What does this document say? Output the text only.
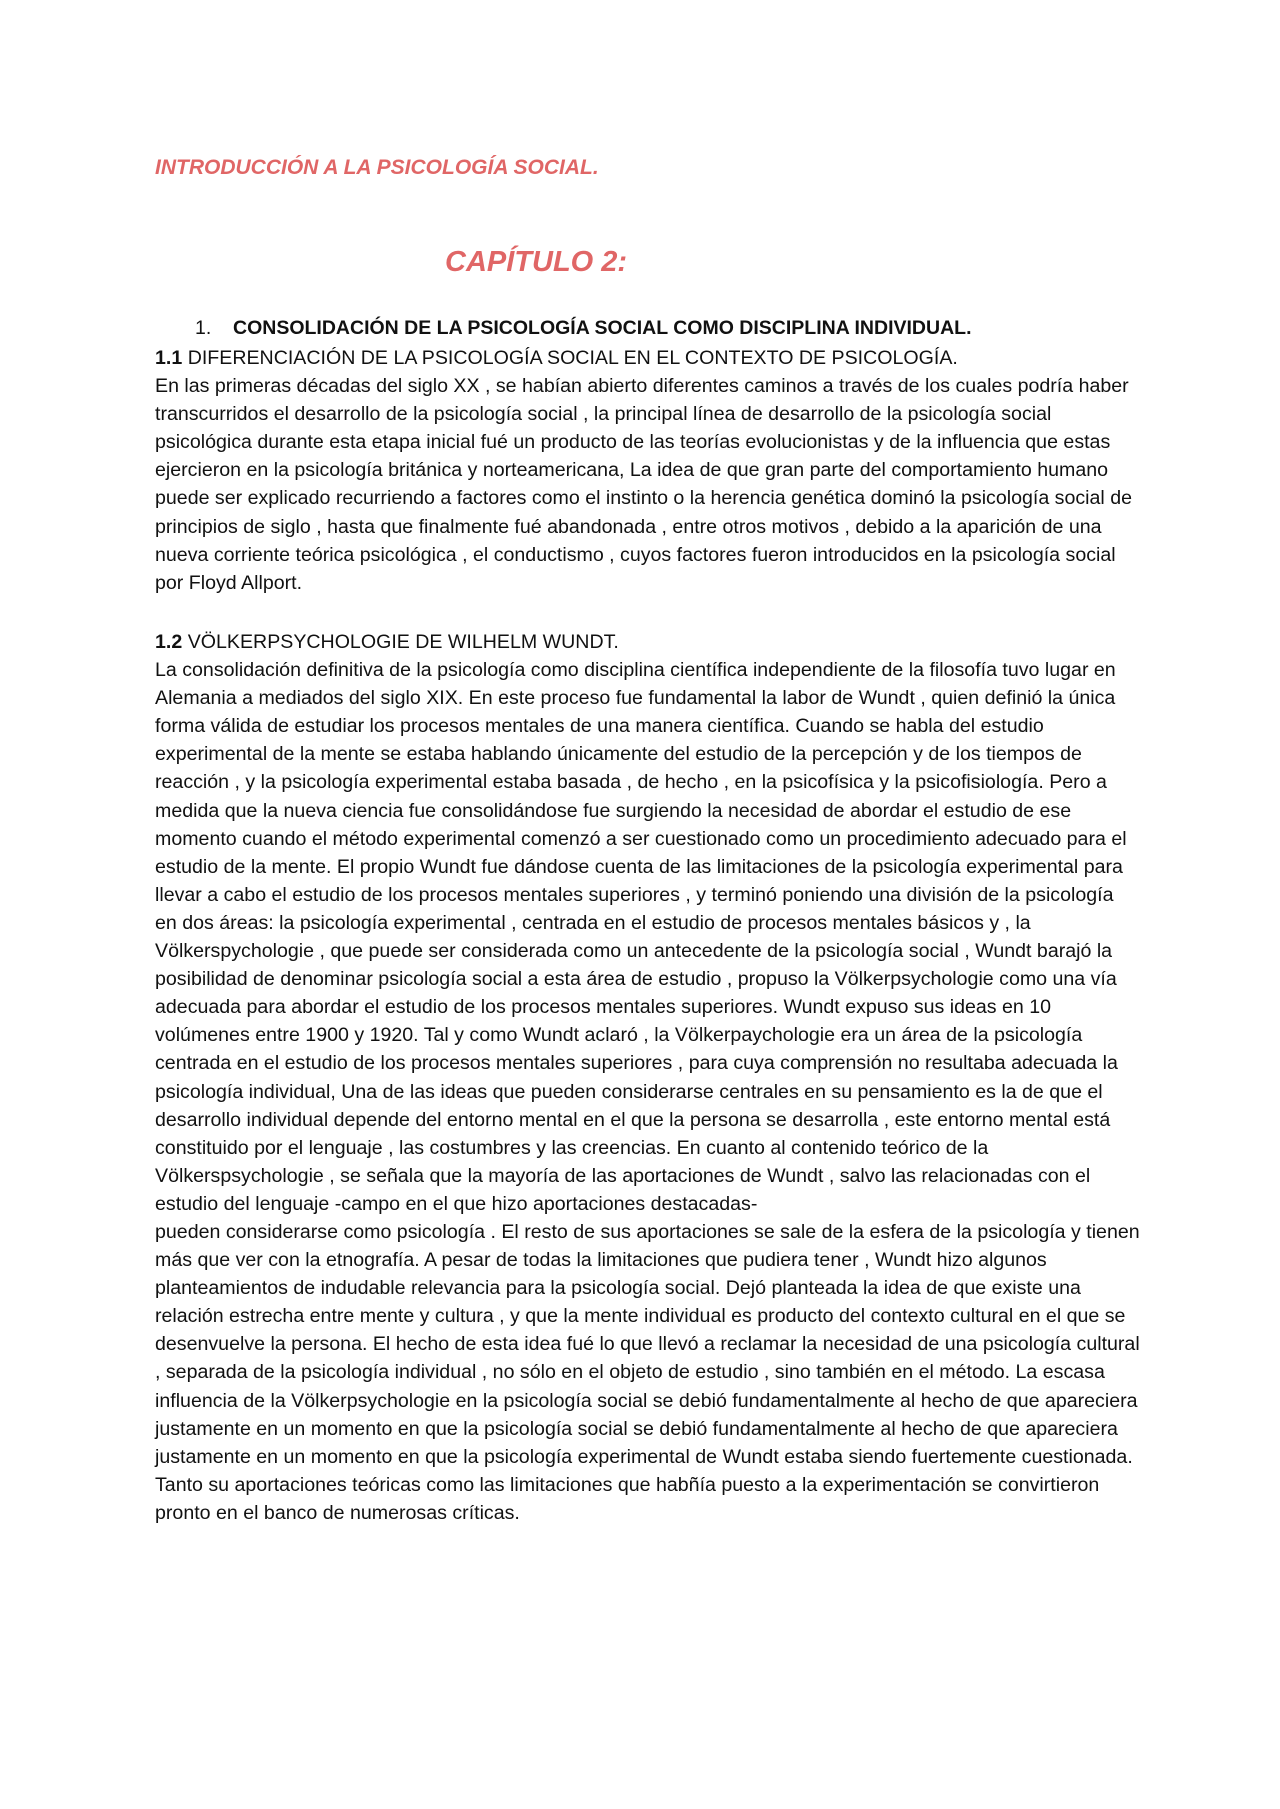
INTRODUCCIÓN A LA PSICOLOGÍA SOCIAL.
CAPÍTULO 2:
1. CONSOLIDACIÓN DE LA PSICOLOGÍA SOCIAL COMO DISCIPLINA INDIVIDUAL.

1.1 DIFERENCIACIÓN DE LA PSICOLOGÍA SOCIAL EN EL CONTEXTO DE PSICOLOGÍA.

En las primeras décadas del siglo XX , se habían abierto diferentes caminos a través de los cuales podría haber transcurridos el desarrollo de la psicología social , la principal línea de desarrollo de la psicología social psicológica durante esta etapa inicial fué un producto de las teorías evolucionistas y de la influencia que estas ejercieron en la psicología británica y norteamericana, La idea de que gran parte del comportamiento humano puede ser explicado recurriendo a factores como el instinto o la herencia genética dominó la psicología social de principios de siglo , hasta que finalmente fué abandonada , entre otros motivos , debido a la aparición de una nueva corriente teórica psicológica , el conductismo , cuyos factores fueron introducidos en la psicología social por Floyd Allport.

1.2 VÖLKERPSYCHOLOGIE DE WILHELM WUNDT.

La consolidación definitiva de la psicología como disciplina científica independiente de la filosofía tuvo lugar en Alemania a mediados del siglo XIX. En este proceso fue fundamental la labor de Wundt , quien definió la única forma válida de estudiar los procesos mentales de una manera científica. Cuando se habla del estudio experimental de la mente se estaba hablando únicamente del estudio de la percepción y de los tiempos de reacción , y la psicología experimental estaba basada , de hecho , en la psicofísica y la psicofisiología. Pero a medida que la nueva ciencia fue consolidándose fue surgiendo la necesidad de abordar el estudio de ese momento cuando el método experimental comenzó a ser cuestionado como un procedimiento adecuado para el estudio de la mente. El propio Wundt fue dándose cuenta de las limitaciones de la psicología experimental para llevar a cabo el estudio de los procesos mentales superiores , y terminó poniendo una división de la psicología en dos áreas: la psicología experimental , centrada en el estudio de procesos mentales básicos y , la Völkerspychologie , que puede ser considerada como un antecedente de la psicología social , Wundt barajó la posibilidad de denominar psicología social a esta área de estudio , propuso la Völkerpsychologie como una vía adecuada para abordar el estudio de los procesos mentales superiores. Wundt expuso sus ideas en 10 volúmenes entre 1900 y 1920. Tal y como Wundt aclaró , la Völkerpaychologie era un área de la psicología centrada en el estudio de los procesos mentales superiores , para cuya comprensión no resultaba adecuada la psicología individual, Una de las ideas que pueden considerarse centrales en su pensamiento es la de que el desarrollo individual depende del entorno mental en el que la persona se desarrolla , este entorno mental está constituido por el lenguaje , las costumbres y las creencias. En cuanto al contenido teórico de la Völkerspsychologie , se señala que la mayoría de las aportaciones de Wundt , salvo las relacionadas con el estudio del lenguaje -campo en el que hizo aportaciones destacadas-

pueden considerarse como psicología . El resto de sus aportaciones se sale de la esfera de la psicología y tienen más que ver con la etnografía. A pesar de todas la limitaciones que pudiera tener , Wundt hizo algunos planteamientos de indudable relevancia para la psicología social. Dejó planteada la idea de que existe una relación estrecha entre mente y cultura , y que la mente individual es producto del contexto cultural en el que se desenvuelve la persona. El hecho de esta idea fué lo que llevó a reclamar la necesidad de una psicología cultural , separada de la psicología individual , no sólo en el objeto de estudio , sino también en el método. La escasa influencia de la Völkerpsychologie en la psicología social se debió fundamentalmente al hecho de que apareciera justamente en un momento en que la psicología social se debió fundamentalmente al hecho de que apareciera justamente en un momento en que la psicología experimental de Wundt estaba siendo fuertemente cuestionada. Tanto su aportaciones teóricas como las limitaciones que habñía puesto a la experimentación se convirtieron pronto en el banco de numerosas críticas.
